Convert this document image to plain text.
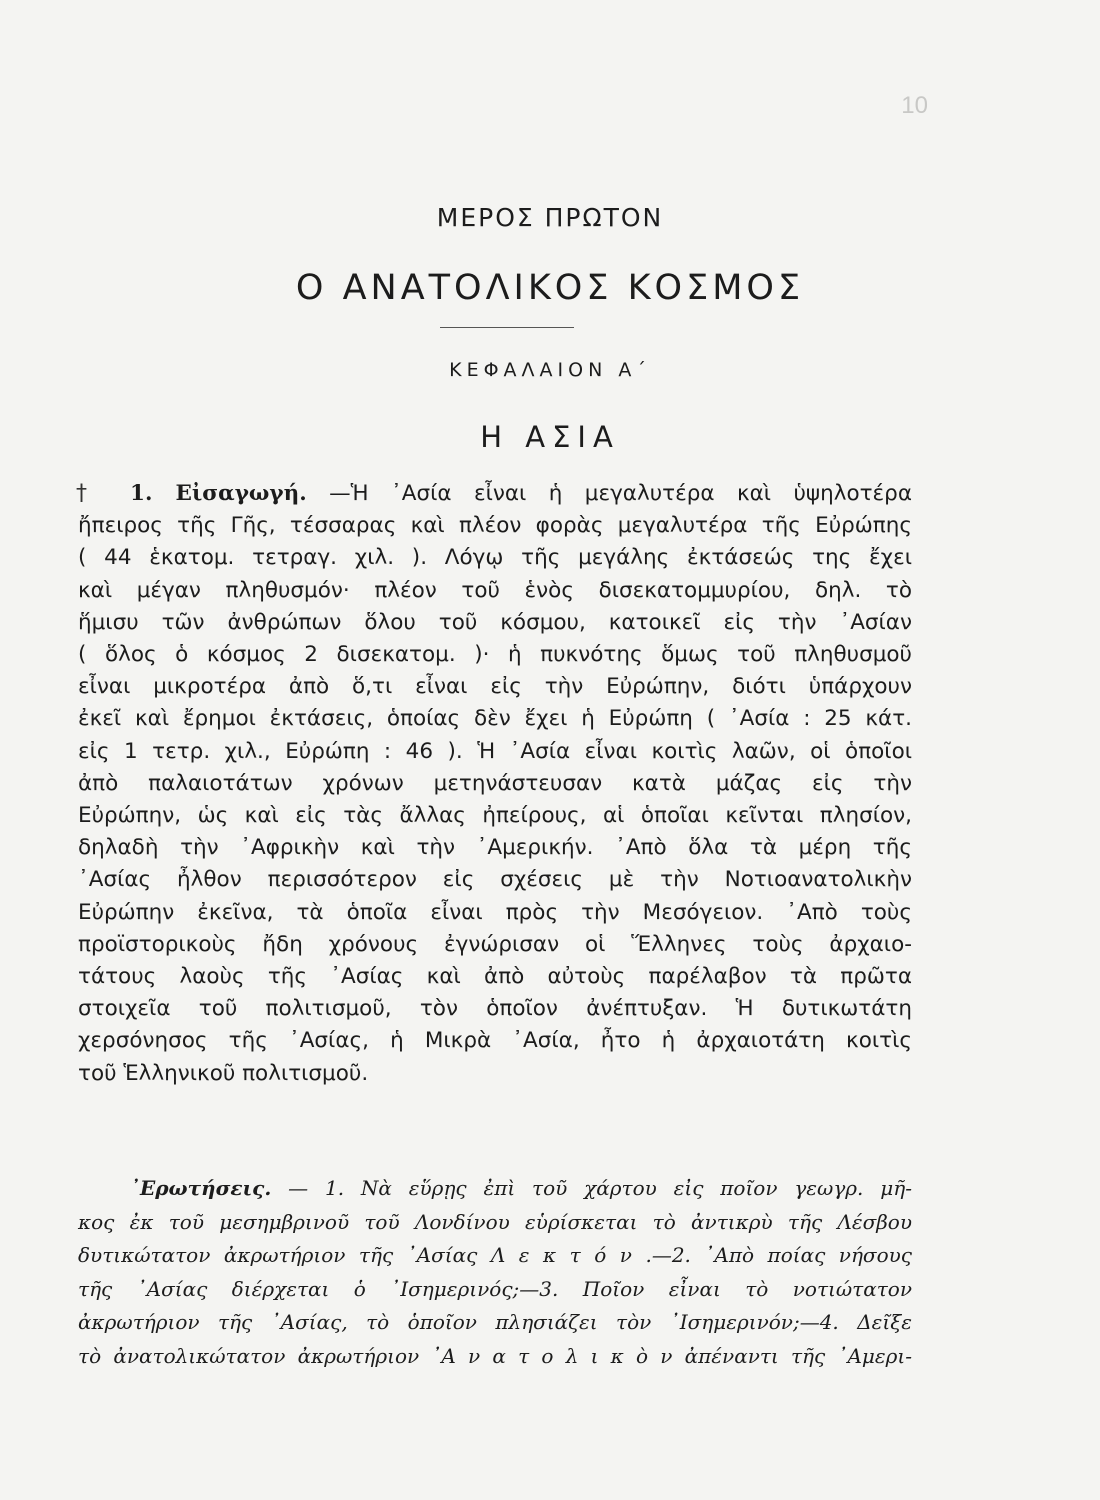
10
ΜΕΡΟΣ ΠΡΩΤΟΝ
Ο ΑΝΑΤΟΛΙΚΟΣ ΚΟΣΜΟΣ
ΚΕΦΑΛΑΙΟΝ Α΄
Η ΑΣΙΑ
†	1. Εἰσαγωγή. —Ἡ ᾿Ασία εἶναι ἡ μεγαλυτέρα καὶ ὑψηλοτέρα
ἤπειρος τῆς Γῆς, τέσσαρας καὶ πλέον φορὰς μεγαλυτέρα τῆς Εὐρώπης
( 44 ἑκατομ. τετραγ. χιλ. ). Λόγῳ τῆς μεγάλης ἐκτάσεώς της ἔχει
καὶ μέγαν πληθυσμόν· πλέον τοῦ ἑνὸς δισεκατομμυρίου, δηλ. τὸ
ἥμισυ τῶν ἀνθρώπων ὅλου τοῦ κόσμου, κατοικεῖ εἰς τὴν ᾿Ασίαν
( ὅλος ὁ κόσμος 2 δισεκατομ. )· ἡ πυκνότης ὅμως τοῦ πληθυσμοῦ
εἶναι μικροτέρα ἀπὸ ὅ,τι εἶναι εἰς τὴν Εὐρώπην, διότι ὑπάρχουν
ἐκεῖ καὶ ἔρημοι ἐκτάσεις, ὁποίας δὲν ἔχει ἡ Εὐρώπη ( ᾿Ασία : 25 κάτ.
εἰς 1 τετρ. χιλ., Εὐρώπη : 46 ). Ἡ ᾿Ασία εἶναι κοιτὶς λαῶν, οἱ ὁποῖοι
ἀπὸ παλαιοτάτων χρόνων μετηνάστευσαν κατὰ μάζας εἰς τὴν
Εὐρώπην, ὡς καὶ εἰς τὰς ἄλλας ἠπείρους, αἱ ὁποῖαι κεῖνται πλησίον,
δηλαδὴ τὴν ᾿Αφρικὴν καὶ τὴν ᾿Αμερικήν. ᾿Απὸ ὅλα τὰ μέρη τῆς
᾿Ασίας ἦλθον περισσότερον εἰς σχέσεις μὲ τὴν Νοτιοανατολικὴν
Εὐρώπην ἐκεῖνα, τὰ ὁποῖα εἶναι πρὸς τὴν Μεσόγειον. ᾿Απὸ τοὺς
προϊστορικοὺς ἤδη χρόνους ἐγνώρισαν οἱ Ἕλληνες τοὺς ἀρχαιο-
τάτους λαοὺς τῆς ᾿Ασίας καὶ ἀπὸ αὐτοὺς παρέλαβον τὰ πρῶτα
στοιχεῖα τοῦ πολιτισμοῦ, τὸν ὁποῖον ἀνέπτυξαν. Ἡ δυτικωτάτη
χερσόνησος τῆς ᾿Ασίας, ἡ Μικρὰ ᾿Ασία, ἦτο ἡ ἀρχαιοτάτη κοιτὶς
τοῦ Ἑλληνικοῦ πολιτισμοῦ.
᾿Ερωτήσεις. — 1. Νὰ εὕρῃς ἐπὶ τοῦ χάρτου εἰς ποῖον γεωγρ. μῆ-
κος ἐκ τοῦ μεσημβρινοῦ τοῦ Λονδίνου εὑρίσκεται τὸ ἀντικρὺ τῆς Λέσβου
δυτικώτατον ἀκρωτήριον τῆς ᾿Ασίας Λ ε κ τ ό ν .—2. ᾿Απὸ ποίας νήσους
τῆς ᾿Ασίας διέρχεται ὁ ᾿Ισημερινός;—3. Ποῖον εἶναι τὸ νοτιώτατον
ἀκρωτήριον τῆς ᾿Ασίας, τὸ ὁποῖον πλησιάζει τὸν ᾿Ισημερινόν;—4. Δεῖξε
τὸ ἀνατολικώτατον ἀκρωτήριον ᾿Α ν α τ ο λ ι κ ὸ ν ἀπέναντι τῆς ᾿Αμερι-
